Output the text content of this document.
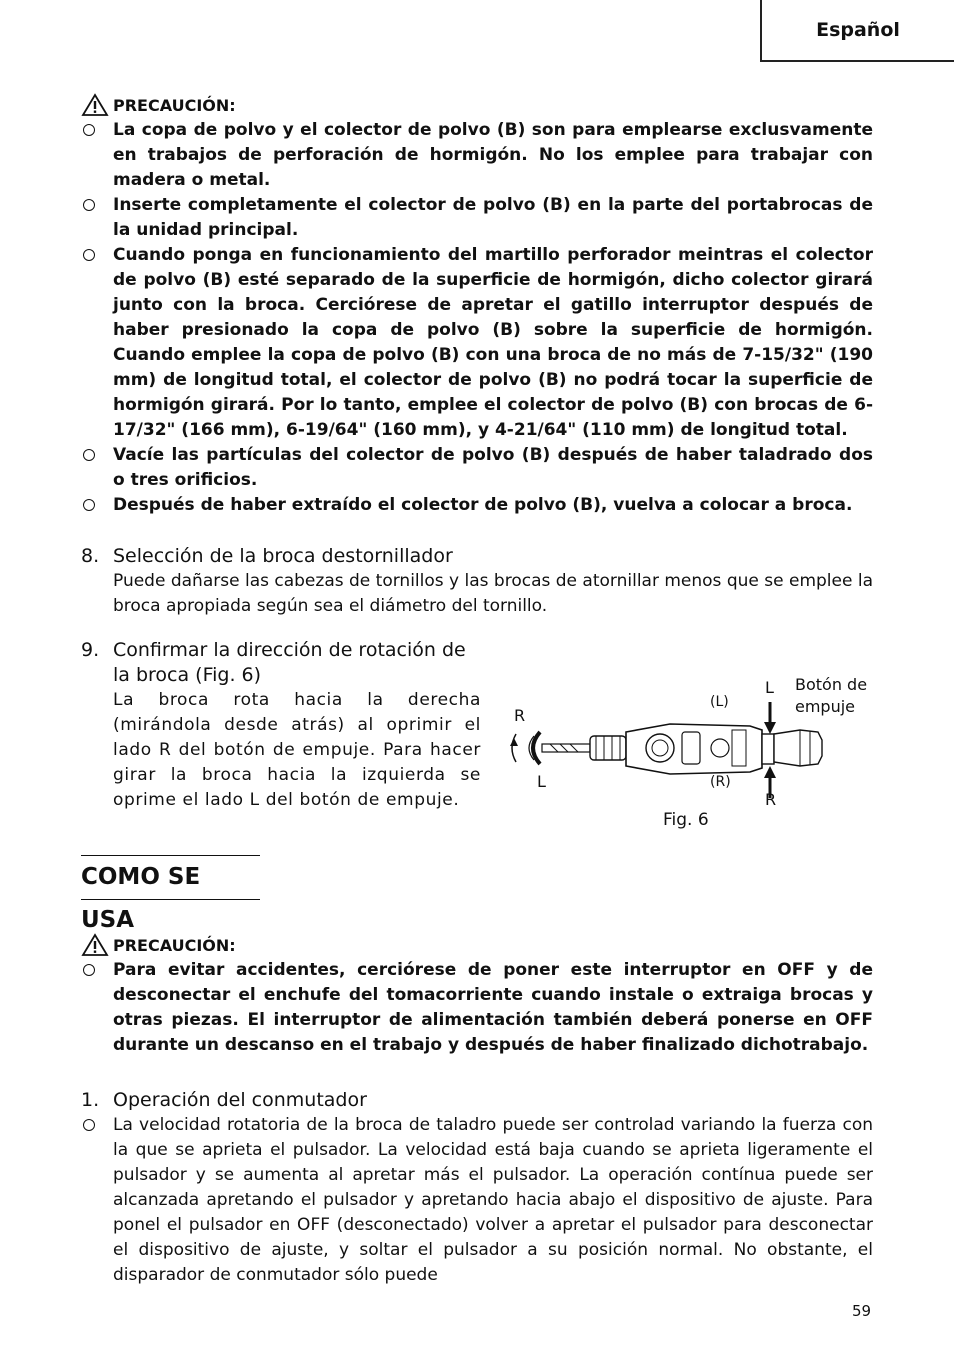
Español
PRECAUCIÓN:
La copa de polvo y el colector de polvo (B) son para emplearse exclusvamente en trabajos de perforación de hormigón. No los emplee para trabajar con madera o metal.
Inserte completamente el colector de polvo (B) en la parte del portabrocas de la unidad principal.
Cuando ponga en funcionamiento del martillo perforador meintras el colector de polvo (B) esté separado de la superficie de hormigón, dicho colector girará junto con la broca. Cerciórese de apretar el gatillo interruptor después de haber presionado la copa de polvo (B) sobre la superficie de hormigón. Cuando emplee la copa de polvo (B) con una broca de no más de 7-15/32" (190 mm) de longitud total, el colector de polvo (B) no podrá tocar la superficie de hormigón girará. Por lo tanto, emplee el colector de polvo (B) con brocas de 6-17/32" (166 mm), 6-19/64" (160 mm), y 4-21/64" (110 mm) de longitud total.
Vacíe las partículas del colector de polvo (B) después de haber taladrado dos o tres orificios.
Después de haber extraído el colector de polvo (B), vuelva a colocar a broca.
8. Selección de la broca destornillador
Puede dañarse las cabezas de tornillos y las brocas de atornillar menos que se emplee la broca apropiada según sea el diámetro del tornillo.
9. Confirmar la dirección de rotación de la broca (Fig. 6)
La broca rota hacia la derecha (mirándola desde atrás) al oprimir el lado R del botón de empuje. Para hacer girar la broca hacia la izquierda se oprime el lado L del botón de empuje.
R
L
L
R
(L)
(R)
Botón de empuje
Fig. 6
COMO SE USA
PRECAUCIÓN:
Para evitar accidentes, cerciórese de poner este interruptor en OFF y de desconectar el enchufe del tomacorriente cuando instale o extraiga brocas y otras piezas. El interruptor de alimentación también deberá ponerse en OFF durante un descanso en el trabajo y después de haber finalizado dichotrabajo.
1. Operación del conmutador
La velocidad rotatoria de la broca de taladro puede ser controlad variando la fuerza con la que se aprieta el pulsador. La velocidad está baja cuando se aprieta ligeramente el pulsador y se aumenta al apretar más el pulsador. La operación contínua puede ser alcanzada apretando el pulsador y apretando hacia abajo el dispositivo de ajuste. Para ponel el pulsador en OFF (desconectado) volver a apretar el pulsador para desconectar el dispositivo de ajuste, y soltar el pulsador a su posición normal. No obstante, el disparador de conmutador sólo puede
59
